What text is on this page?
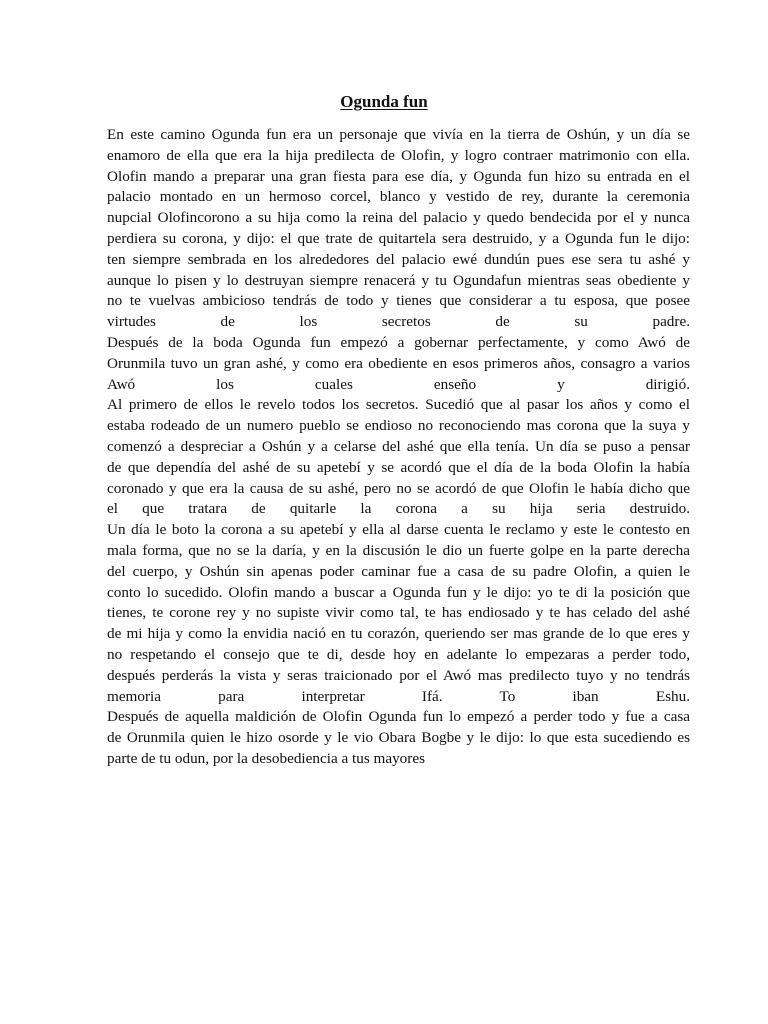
Ogunda fun
En este camino Ogunda fun era un personaje que vivía en la tierra de Oshún, y un día se
enamoro de ella que era la hija predilecta de Olofin, y logro contraer matrimonio con ella.
Olofin mando a preparar una gran fiesta para ese día, y Ogunda fun hizo su entrada en el
palacio montado en un hermoso corcel, blanco y vestido de rey, durante la ceremonia
nupcial Olofincorono a su hija como la reina del palacio y quedo bendecida por el y nunca
perdiera su corona, y dijo: el que trate de quitartela sera destruido, y a Ogunda fun le dijo:
ten siempre sembrada en los alrededores del palacio ewé dundún pues ese sera tu ashé y
aunque lo pisen y lo destruyan siempre renacerá y tu Ogundafun mientras seas obediente y
no te vuelvas ambicioso tendrás de todo y tienes que considerar a tu esposa, que posee
virtudes de los secretos de su padre.
Después de la boda Ogunda fun empezó a gobernar perfectamente, y como Awó de
Orunmila tuvo un gran ashé, y como era obediente en esos primeros años, consagro a varios
Awó los cuales enseño y dirigió.
Al primero de ellos le revelo todos los secretos. Sucedió que al pasar los años y como el
estaba rodeado de un numero pueblo se endioso no reconociendo mas corona que la suya y
comenzó a despreciar a Oshún y a celarse del ashé que ella tenía. Un día se puso a pensar
de que dependía del ashé de su apetebí y se acordó que el día de la boda Olofin la había
coronado y que era la causa de su ashé, pero no se acordó de que Olofin le había dicho que
el que tratara de quitarle la corona a su hija seria destruido.
Un día le boto la corona a su apetebí y ella al darse cuenta le reclamo y este le contesto en
mala forma, que no se la daría, y en la discusión le dio un fuerte golpe en la parte derecha
del cuerpo, y Oshún sin apenas poder caminar fue a casa de su padre Olofin, a quien le
conto lo sucedido. Olofin mando a buscar a Ogunda fun y le dijo: yo te di la posición que
tienes, te corone rey y no supiste vivir como tal, te has endiosado y te has celado del ashé
de mi hija y como la envidia nació en tu corazón, queriendo ser mas grande de lo que eres y
no respetando el consejo que te di, desde hoy en adelante lo empezaras a perder todo,
después perderás la vista y seras traicionado por el Awó mas predilecto tuyo y no tendrás
memoria para interpretar Ifá. To iban Eshu.
Después de aquella maldición de Olofin Ogunda fun lo empezó a perder todo y fue a casa
de Orunmila quien le hizo osorde y le vio Obara Bogbe y le dijo: lo que esta sucediendo es
parte de tu odun, por la desobediencia a tus mayores
